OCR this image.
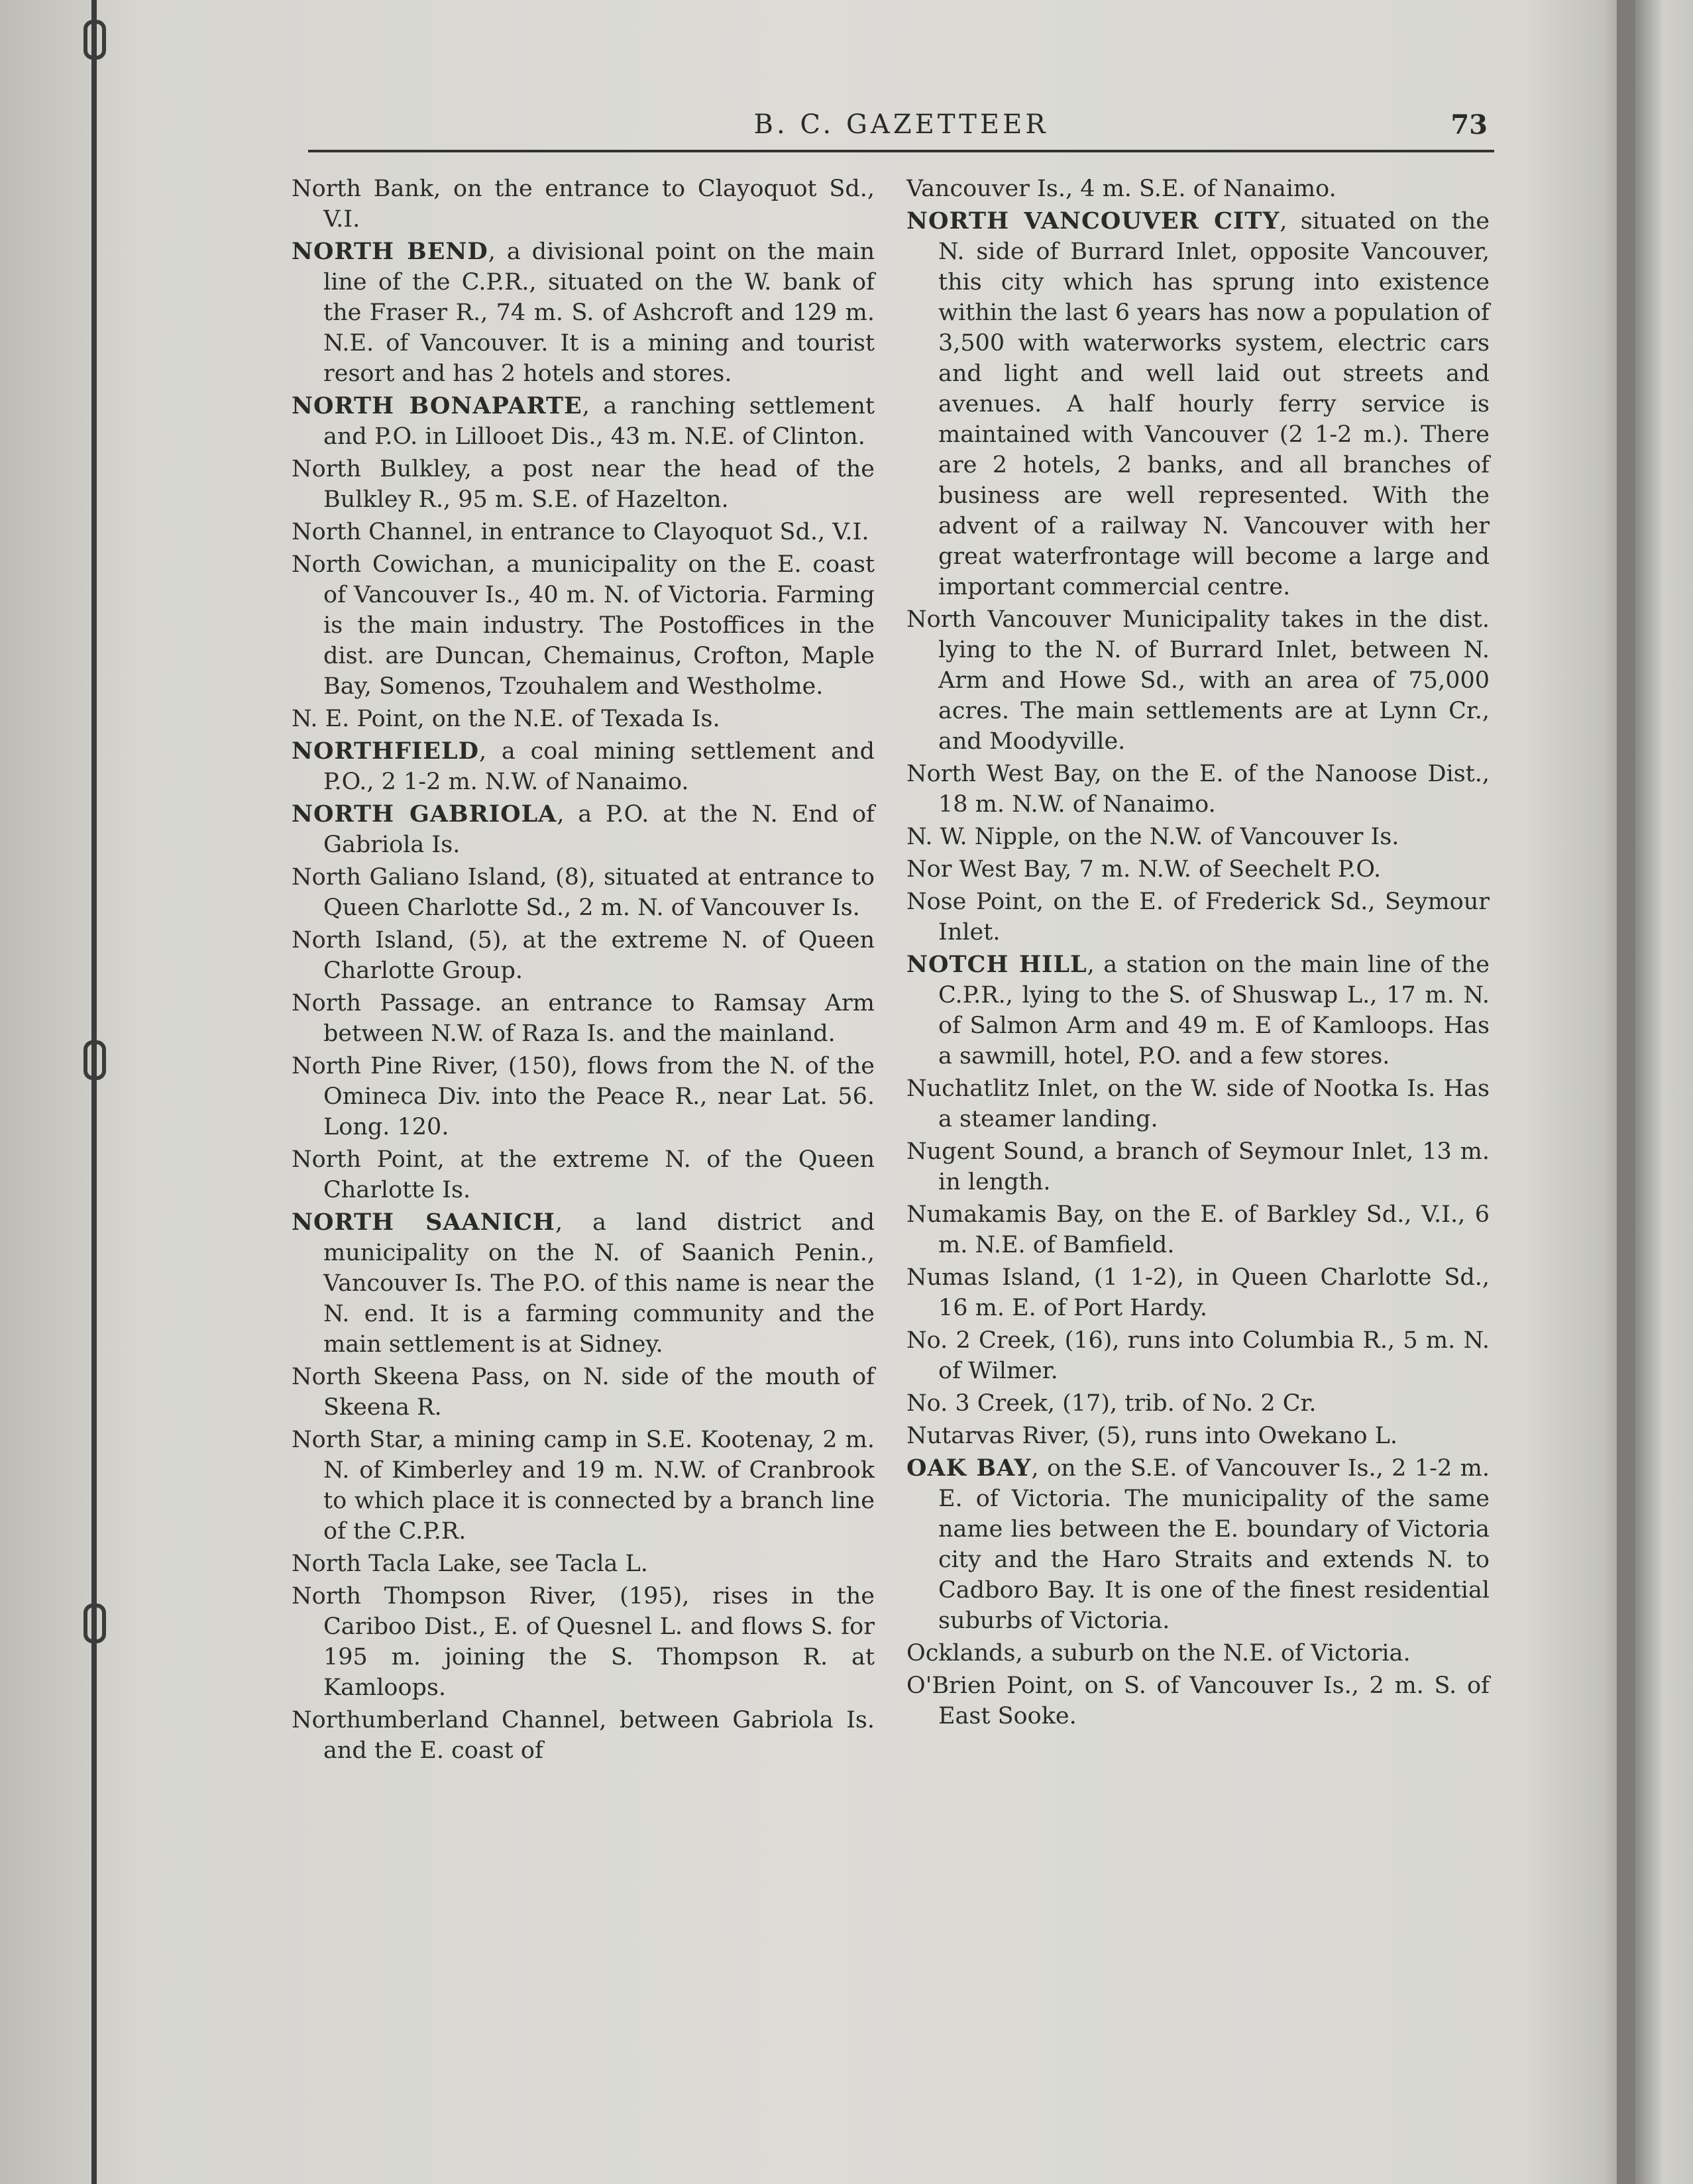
B. C. GAZETTEER	73

North Bank, on the entrance to Clayoquot Sd., V.I.

NORTH BEND, a divisional point on the main line of the C.P.R., situated on the W. bank of the Fraser R., 74 m. S. of Ashcroft and 129 m. N.E. of Vancouver. It is a mining and tourist resort and has 2 hotels and stores.

NORTH BONAPARTE, a ranching settlement and P.O. in Lillooet Dis., 43 m. N.E. of Clinton.

North Bulkley, a post near the head of the Bulkley R., 95 m. S.E. of Hazelton.

North Channel, in entrance to Clayoquot Sd., V.I.

North Cowichan, a municipality on the E. coast of Vancouver Is., 40 m. N. of Victoria. Farming is the main industry. The Postoffices in the dist. are Duncan, Chemainus, Crofton, Maple Bay, Somenos, Tzouhalem and Westholme.

N. E. Point, on the N.E. of Texada Is.

NORTHFIELD, a coal mining settlement and P.O., 2 1-2 m. N.W. of Nanaimo.

NORTH GABRIOLA, a P.O. at the N. End of Gabriola Is.

North Galiano Island, (8), situated at entrance to Queen Charlotte Sd., 2 m. N. of Vancouver Is.

North Island, (5), at the extreme N. of Queen Charlotte Group.

North Passage. an entrance to Ramsay Arm between N.W. of Raza Is. and the mainland.

North Pine River, (150), flows from the N. of the Omineca Div. into the Peace R., near Lat. 56. Long. 120.

North Point, at the extreme N. of the Queen Charlotte Is.

NORTH SAANICH, a land district and municipality on the N. of Saanich Penin., Vancouver Is. The P.O. of this name is near the N. end. It is a farming community and the main settlement is at Sidney.

North Skeena Pass, on N. side of the mouth of Skeena R.

North Star, a mining camp in S.E. Kootenay, 2 m. N. of Kimberley and 19 m. N.W. of Cranbrook to which place it is connected by a branch line of the C.P.R.

North Tacla Lake, see Tacla L.

North Thompson River, (195), rises in the Cariboo Dist., E. of Quesnel L. and flows S. for 195 m. joining the S. Thompson R. at Kamloops.

Northumberland Channel, between Gabriola Is. and the E. coast of

Vancouver Is., 4 m. S.E. of Nanaimo.

NORTH VANCOUVER CITY, situated on the N. side of Burrard Inlet, opposite Vancouver, this city which has sprung into existence within the last 6 years has now a population of 3,500 with waterworks system, electric cars and light and well laid out streets and avenues. A half hourly ferry service is maintained with Vancouver (2 1-2 m.). There are 2 hotels, 2 banks, and all branches of business are well represented. With the advent of a railway N. Vancouver with her great waterfrontage will become a large and important commercial centre.

North Vancouver Municipality takes in the dist. lying to the N. of Burrard Inlet, between N. Arm and Howe Sd., with an area of 75,000 acres. The main settlements are at Lynn Cr., and Moodyville.

North West Bay, on the E. of the Nanoose Dist., 18 m. N.W. of Nanaimo.

N. W. Nipple, on the N.W. of Vancouver Is.

Nor West Bay, 7 m. N.W. of Seechelt P.O.

Nose Point, on the E. of Frederick Sd., Seymour Inlet.

NOTCH HILL, a station on the main line of the C.P.R., lying to the S. of Shuswap L., 17 m. N. of Salmon Arm and 49 m. E of Kamloops. Has a sawmill, hotel, P.O. and a few stores.

Nuchatlitz Inlet, on the W. side of Nootka Is. Has a steamer landing.

Nugent Sound, a branch of Seymour Inlet, 13 m. in length.

Numakamis Bay, on the E. of Barkley Sd., V.I., 6 m. N.E. of Bamfield.

Numas Island, (1 1-2), in Queen Charlotte Sd., 16 m. E. of Port Hardy.

No. 2 Creek, (16), runs into Columbia R., 5 m. N. of Wilmer.

No. 3 Creek, (17), trib. of No. 2 Cr.

Nutarvas River, (5), runs into Owekano L.

OAK BAY, on the S.E. of Vancouver Is., 2 1-2 m. E. of Victoria. The municipality of the same name lies between the E. boundary of Victoria city and the Haro Straits and extends N. to Cadboro Bay. It is one of the finest residential suburbs of Victoria.

Ocklands, a suburb on the N.E. of Victoria.

O'Brien Point, on S. of Vancouver Is., 2 m. S. of East Sooke.
